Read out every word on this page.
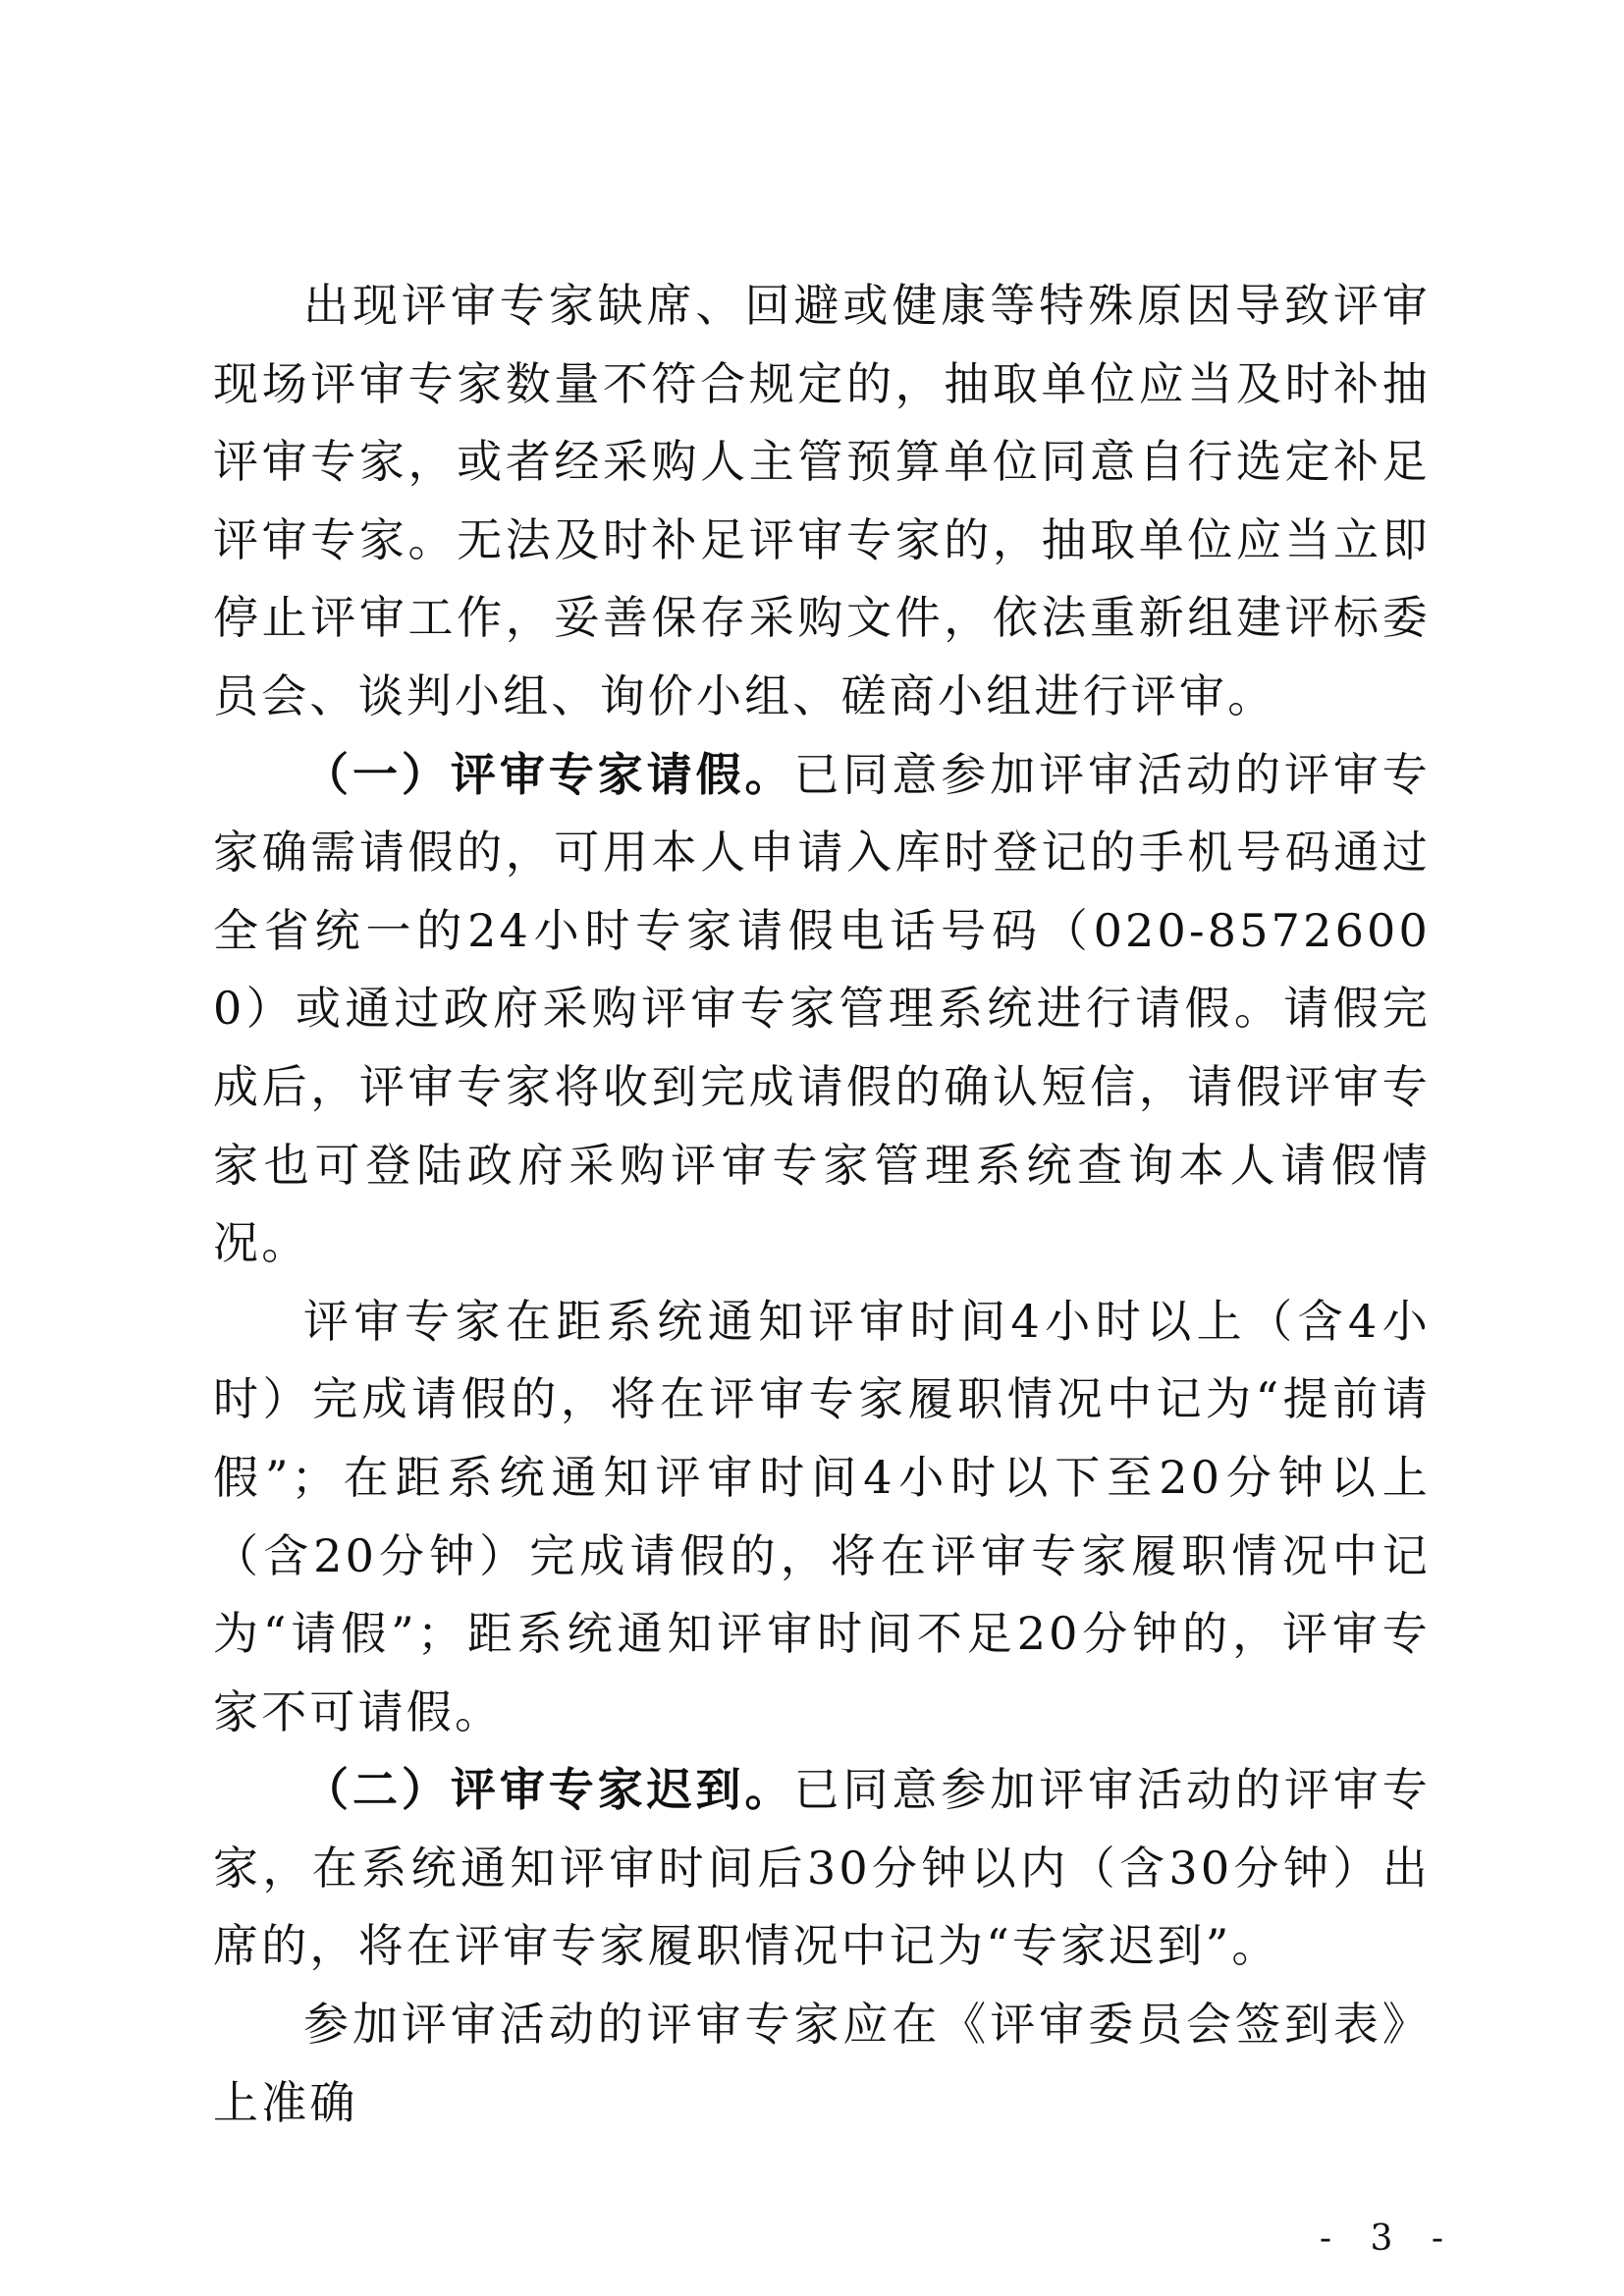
出现评审专家缺席、回避或健康等特殊原因导致评审现场评审专家数量不符合规定的，抽取单位应当及时补抽评审专家，或者经采购人主管预算单位同意自行选定补足评审专家。无法及时补足评审专家的，抽取单位应当立即停止评审工作，妥善保存采购文件，依法重新组建评标委员会、谈判小组、询价小组、磋商小组进行评审。

（一）评审专家请假。已同意参加评审活动的评审专家确需请假的，可用本人申请入库时登记的手机号码通过全省统一的24小时专家请假电话号码（020-85726000）或通过政府采购评审专家管理系统进行请假。请假完成后，评审专家将收到完成请假的确认短信，请假评审专家也可登陆政府采购评审专家管理系统查询本人请假情况。

评审专家在距系统通知评审时间4小时以上（含4小时）完成请假的，将在评审专家履职情况中记为“提前请假”；在距系统通知评审时间4小时以下至20分钟以上（含20分钟）完成请假的，将在评审专家履职情况中记为“请假”；距系统通知评审时间不足20分钟的，评审专家不可请假。

（二）评审专家迟到。已同意参加评审活动的评审专家，在系统通知评审时间后30分钟以内（含30分钟）出席的，将在评审专家履职情况中记为“专家迟到”。

参加评审活动的评审专家应在《评审委员会签到表》上准确

- 3 -
